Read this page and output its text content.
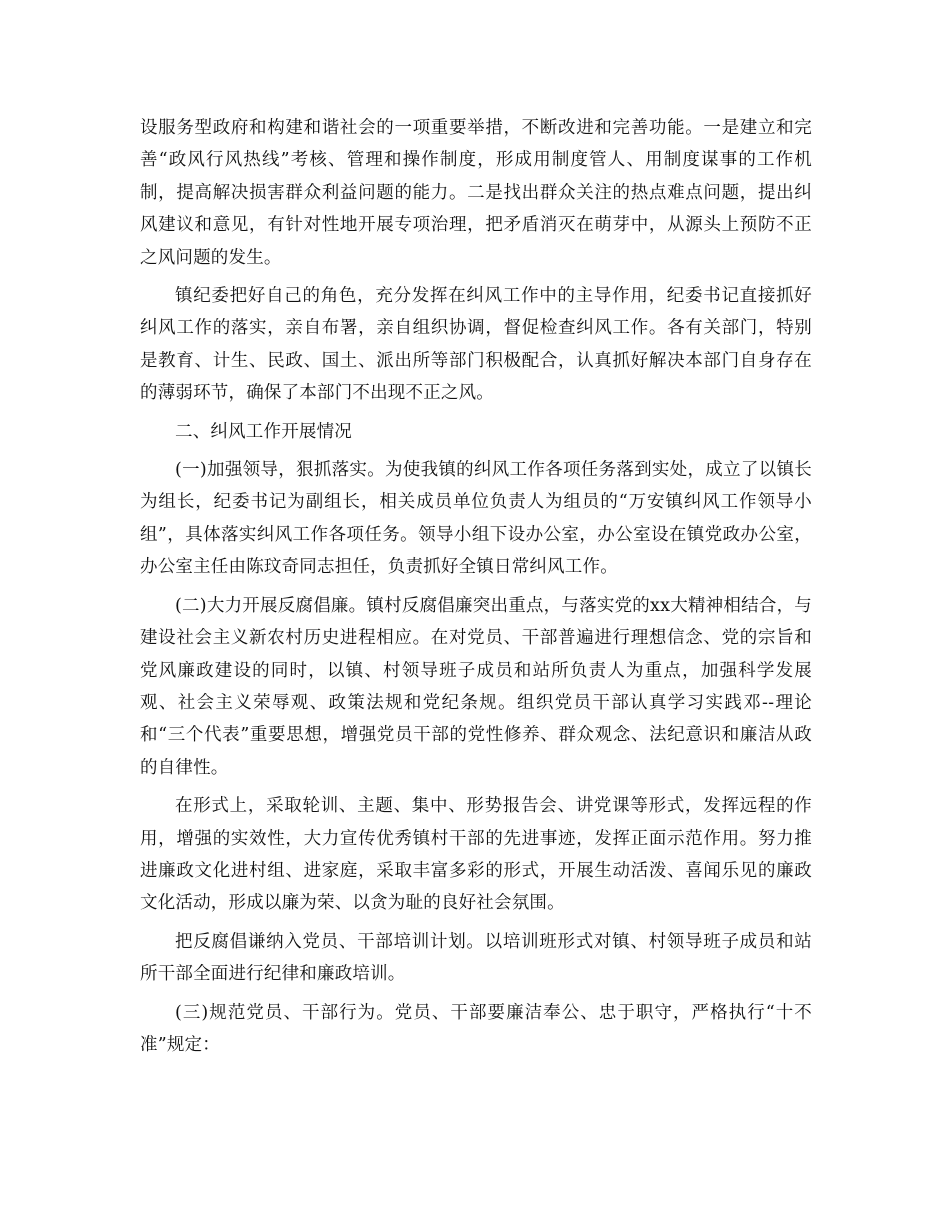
设服务型政府和构建和谐社会的一项重要举措，不断改进和完善功能。一是建立和完善“政风行风热线”考核、管理和操作制度，形成用制度管人、用制度谋事的工作机制，提高解决损害群众利益问题的能力。二是找出群众关注的热点难点问题，提出纠风建议和意见，有针对性地开展专项治理，把矛盾消灭在萌芽中，从源头上预防不正之风问题的发生。

镇纪委把好自己的角色，充分发挥在纠风工作中的主导作用，纪委书记直接抓好纠风工作的落实，亲自布署，亲自组织协调，督促检查纠风工作。各有关部门，特别是教育、计生、民政、国土、派出所等部门积极配合，认真抓好解决本部门自身存在的薄弱环节，确保了本部门不出现不正之风。

二、纠风工作开展情况

(一)加强领导，狠抓落实。为使我镇的纠风工作各项任务落到实处，成立了以镇长为组长，纪委书记为副组长，相关成员单位负责人为组员的“万安镇纠风工作领导小组”，具体落实纠风工作各项任务。领导小组下设办公室，办公室设在镇党政办公室，办公室主任由陈玟奇同志担任，负责抓好全镇日常纠风工作。

(二)大力开展反腐倡廉。镇村反腐倡廉突出重点，与落实党的xx大精神相结合，与建设社会主义新农村历史进程相应。在对党员、干部普遍进行理想信念、党的宗旨和党风廉政建设的同时，以镇、村领导班子成员和站所负责人为重点，加强科学发展观、社会主义荣辱观、政策法规和党纪条规。组织党员干部认真学习实践邓--理论和“三个代表”重要思想，增强党员干部的党性修养、群众观念、法纪意识和廉洁从政的自律性。

在形式上，采取轮训、主题、集中、形势报告会、讲党课等形式，发挥远程的作用，增强的实效性，大力宣传优秀镇村干部的先进事迹，发挥正面示范作用。努力推进廉政文化进村组、进家庭，采取丰富多彩的形式，开展生动活泼、喜闻乐见的廉政文化活动，形成以廉为荣、以贪为耻的良好社会氛围。

把反腐倡谦纳入党员、干部培训计划。以培训班形式对镇、村领导班子成员和站所干部全面进行纪律和廉政培训。

(三)规范党员、干部行为。党员、干部要廉洁奉公、忠于职守，严格执行“十不准”规定：
